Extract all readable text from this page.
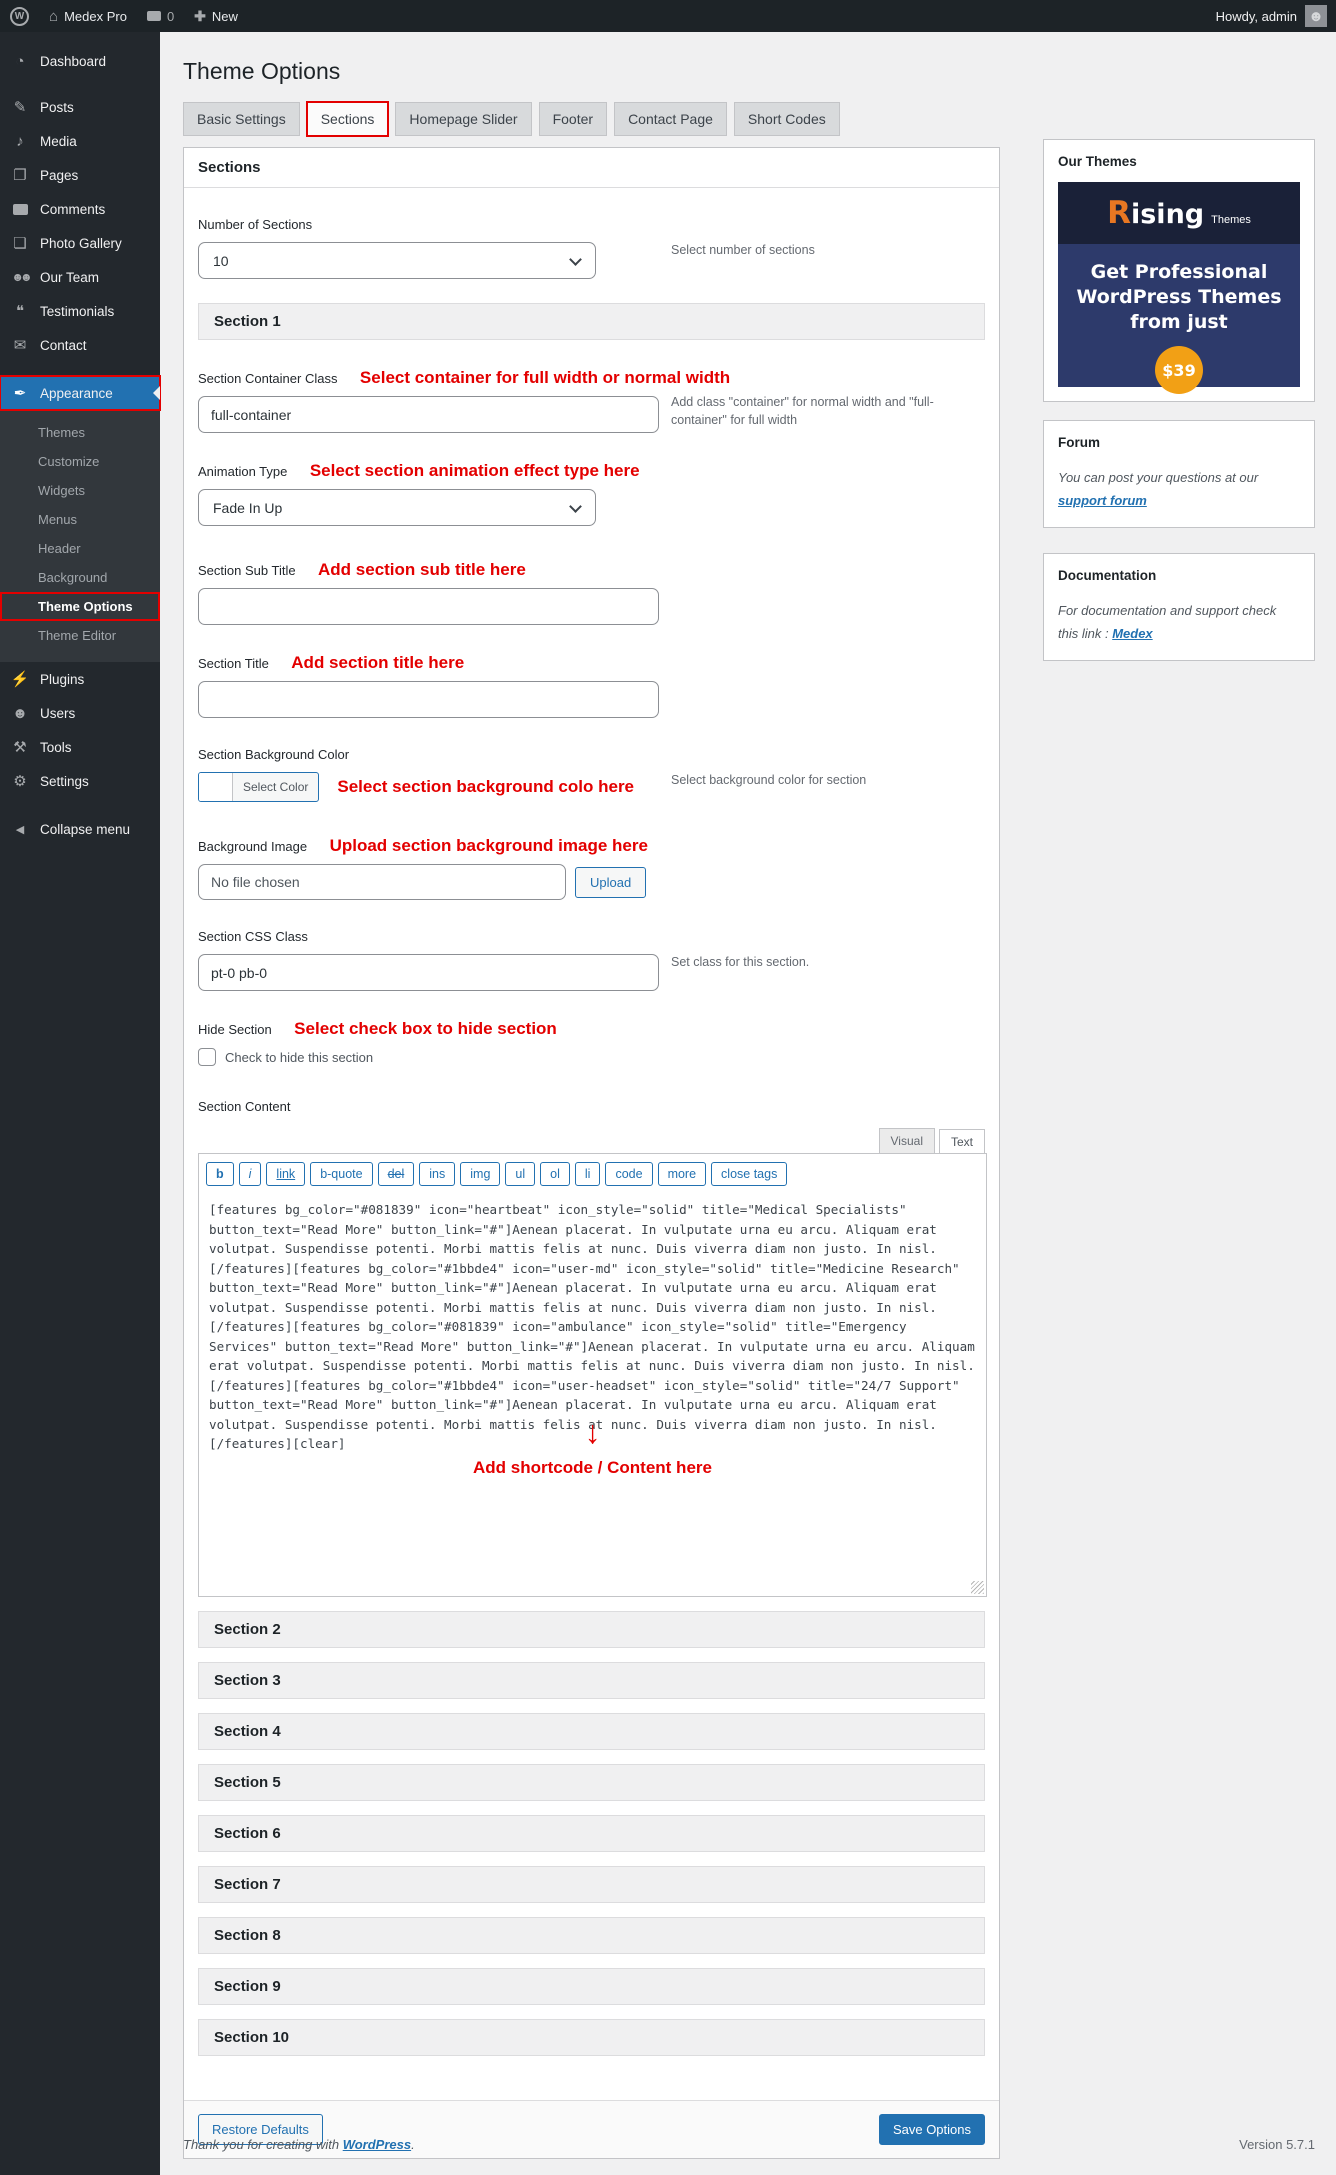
W	⌂ Medex Pro	0 ✚ New	Howdy, admin ☻
◔	Dashboard
✎ Posts
♪	Media
❐ Pages
Comments
❏ Photo Gallery
☻☻ Our Team
❝	Testimonials
✉ Contact
✒ Appearance
Themes
Customize
Widgets
Menus
Header
Background
Theme Options
Theme Editor
⚡ Plugins
☻ Users
⚒ Tools
⚙ Settings
◀	Collapse menu
Theme Options
Basic Settings	Sections	Homepage Slider	Footer	Contact Page	Short Codes
Sections
Number of Sections
10
Select number of sections
Section 1
Section Container Class Select container for full width or normal width
full-container
Add class "container" for normal width and "full-container" for full width
Animation Type Select section animation effect type here
Fade In Up
Section Sub Title Add section sub title here
Section Title Add section title here
Section Background Color
Select Color	Select section background colo here	Select background color for section
Background Image Upload section background image here
No file chosen	Upload
Section CSS Class
pt-0 pb-0
Set class for this section.
Hide Section Select check box to hide section
Check to hide this section
Section Content
Visual	Text
b	i	link	b-quote	del	ins	img	ul	ol	li	code	more	close tags
[features bg_color="#081839" icon="heartbeat" icon_style="solid" title="Medical Specialists" button_text="Read More" button_link="#"]Aenean placerat. In vulputate urna eu arcu. Aliquam erat volutpat. Suspendisse potenti. Morbi mattis felis at nunc. Duis viverra diam non justo. In nisl.[/features][features bg_color="#1bbde4" icon="user-md" icon_style="solid" title="Medicine Research" button_text="Read More" button_link="#"]Aenean placerat. In vulputate urna eu arcu. Aliquam erat volutpat. Suspendisse potenti. Morbi mattis felis at nunc. Duis viverra diam non justo. In nisl.[/features][features bg_color="#081839" icon="ambulance" icon_style="solid" title="Emergency Services" button_text="Read More" button_link="#"]Aenean placerat. In vulputate urna eu arcu. Aliquam erat volutpat. Suspendisse potenti. Morbi mattis felis at nunc. Duis viverra diam non justo. In nisl.[/features][features bg_color="#1bbde4" icon="user-headset" icon_style="solid" title="24/7 Support" button_text="Read More" button_link="#"]Aenean placerat. In vulputate urna eu arcu. Aliquam erat volutpat. Suspendisse potenti. Morbi mattis felis at nunc. Duis viverra diam non justo. In nisl.[/features][clear]
↓
Add shortcode / Content here
Section 2
Section 3
Section 4
Section 5
Section 6
Section 7
Section 8
Section 9
Section 10
Restore Defaults	Save Options
Our Themes
Rising Themes
Get Professional
WordPress Themes
from just
$39
Forum
You can post your questions at our support forum
Documentation
For documentation and support check this link : Medex
Thank you for creating with WordPress.	Version 5.7.1
